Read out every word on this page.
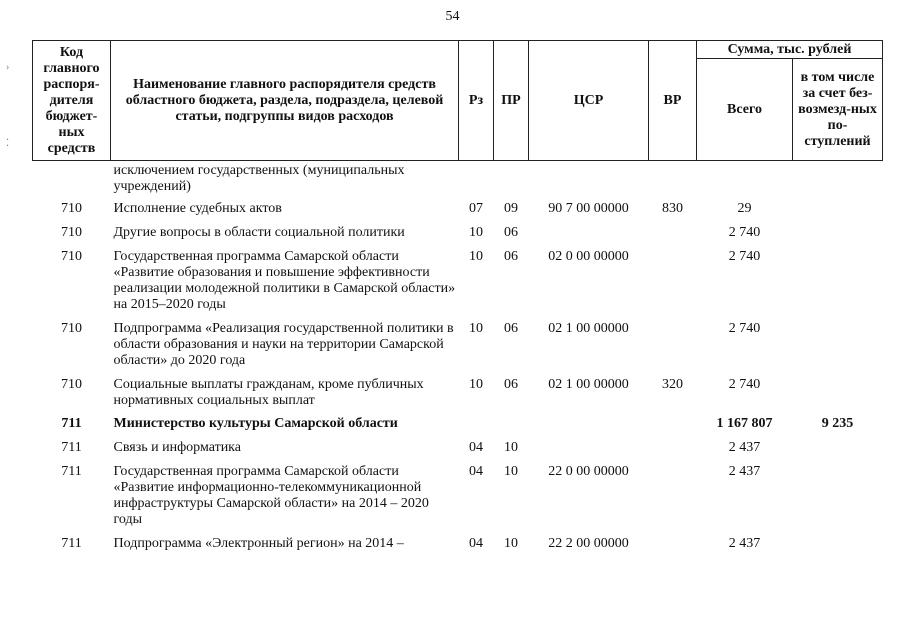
54
›
⁚
Код главного распоря-дителя бюджет-ных средств	Наименование главного распорядителя средств областного бюджета, раздела, подраздела, целевой статьи, подгруппы видов расходов	Рз	ПР	ЦСР	ВР	Сумма, тыс. рублей	
						Всего	в том числе за счет без-возмезд-ных по-ступлений
	исключением государственных (муниципальных учреждений)						
710	Исполнение судебных актов	07	09	90 7 00 00000	830	29	
710	Другие вопросы в области социальной политики	10	06			2 740	
710	Государственная программа Самарской области «Развитие образования и повышение эффективности реализации молодежной политики в Самарской области» на 2015–2020 годы	10	06	02 0 00 00000		2 740	
710	Подпрограмма «Реализация государственной политики в области образования и науки на территории Самарской области» до 2020 года	10	06	02 1 00 00000		2 740	
710	Социальные выплаты гражданам, кроме публичных нормативных социальных выплат	10	06	02 1 00 00000	320	2 740	
711	Министерство культуры Самарской области					1 167 807	9 235
711	Связь и информатика	04	10			2 437	
711	Государственная программа Самарской области «Развитие информационно-телекоммуникационной инфраструктуры Самарской области» на 2014 – 2020 годы	04	10	22 0 00 00000		2 437	
711	Подпрограмма «Электронный регион» на 2014 –	04	10	22 2 00 00000		2 437	
